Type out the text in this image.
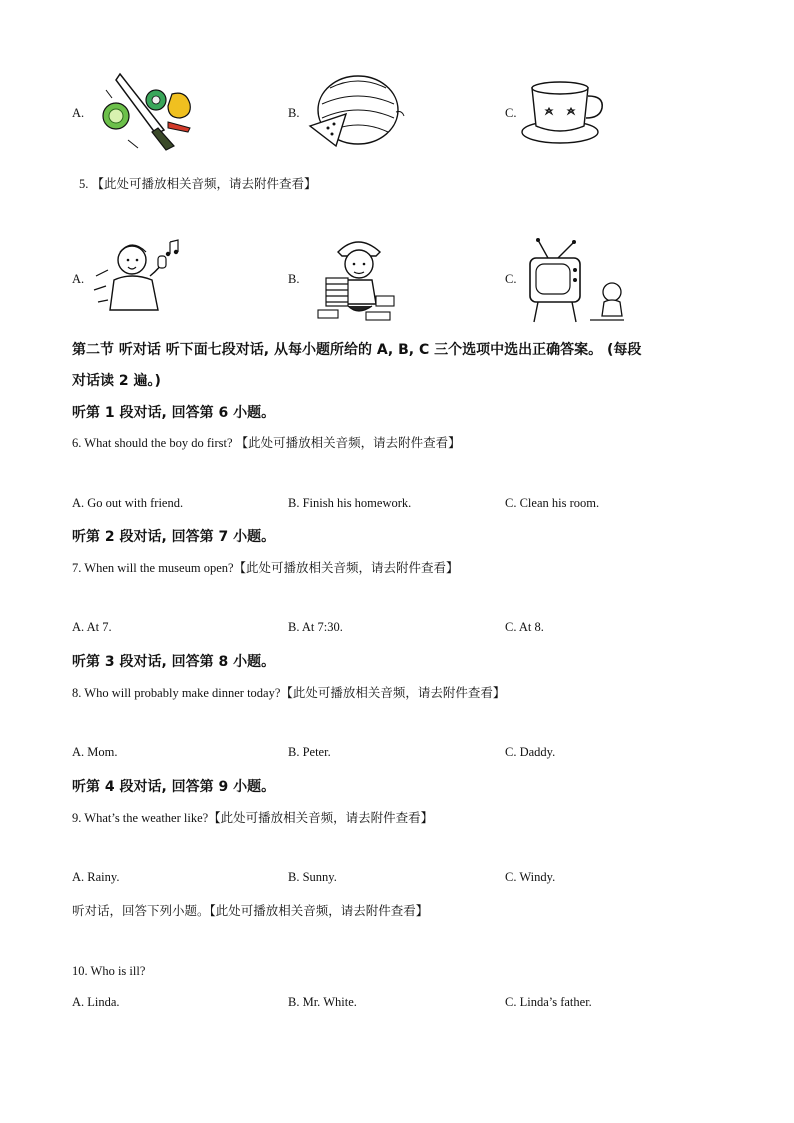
A.	B.	C.
5. 【此处可播放相关音频，请去附件查看】
A.	B.	C.
第二节 听对话 听下面七段对话, 从每小题所给的 A, B, C 三个选项中选出正确答案。 (每段
对话读 2 遍。)
听第 1 段对话, 回答第 6 小题。
6. What should the boy do first? 【此处可播放相关音频，请去附件查看】
A. Go out with friend.	B. Finish his homework.	C. Clean his room.
听第 2 段对话, 回答第 7 小题。
7. When will the museum open?【此处可播放相关音频，请去附件查看】
A. At 7.	B. At 7:30.	C. At 8.
听第 3 段对话, 回答第 8 小题。
8. Who will probably make dinner today?【此处可播放相关音频，请去附件查看】
A. Mom.	B. Peter.	C. Daddy.
听第 4 段对话, 回答第 9 小题。
9. What’s the weather like?【此处可播放相关音频，请去附件查看】
A. Rainy.	B. Sunny.	C. Windy.
听对话，回答下列小题。【此处可播放相关音频，请去附件查看】
10. Who is ill?
A. Linda.	B. Mr. White.	C. Linda’s father.
